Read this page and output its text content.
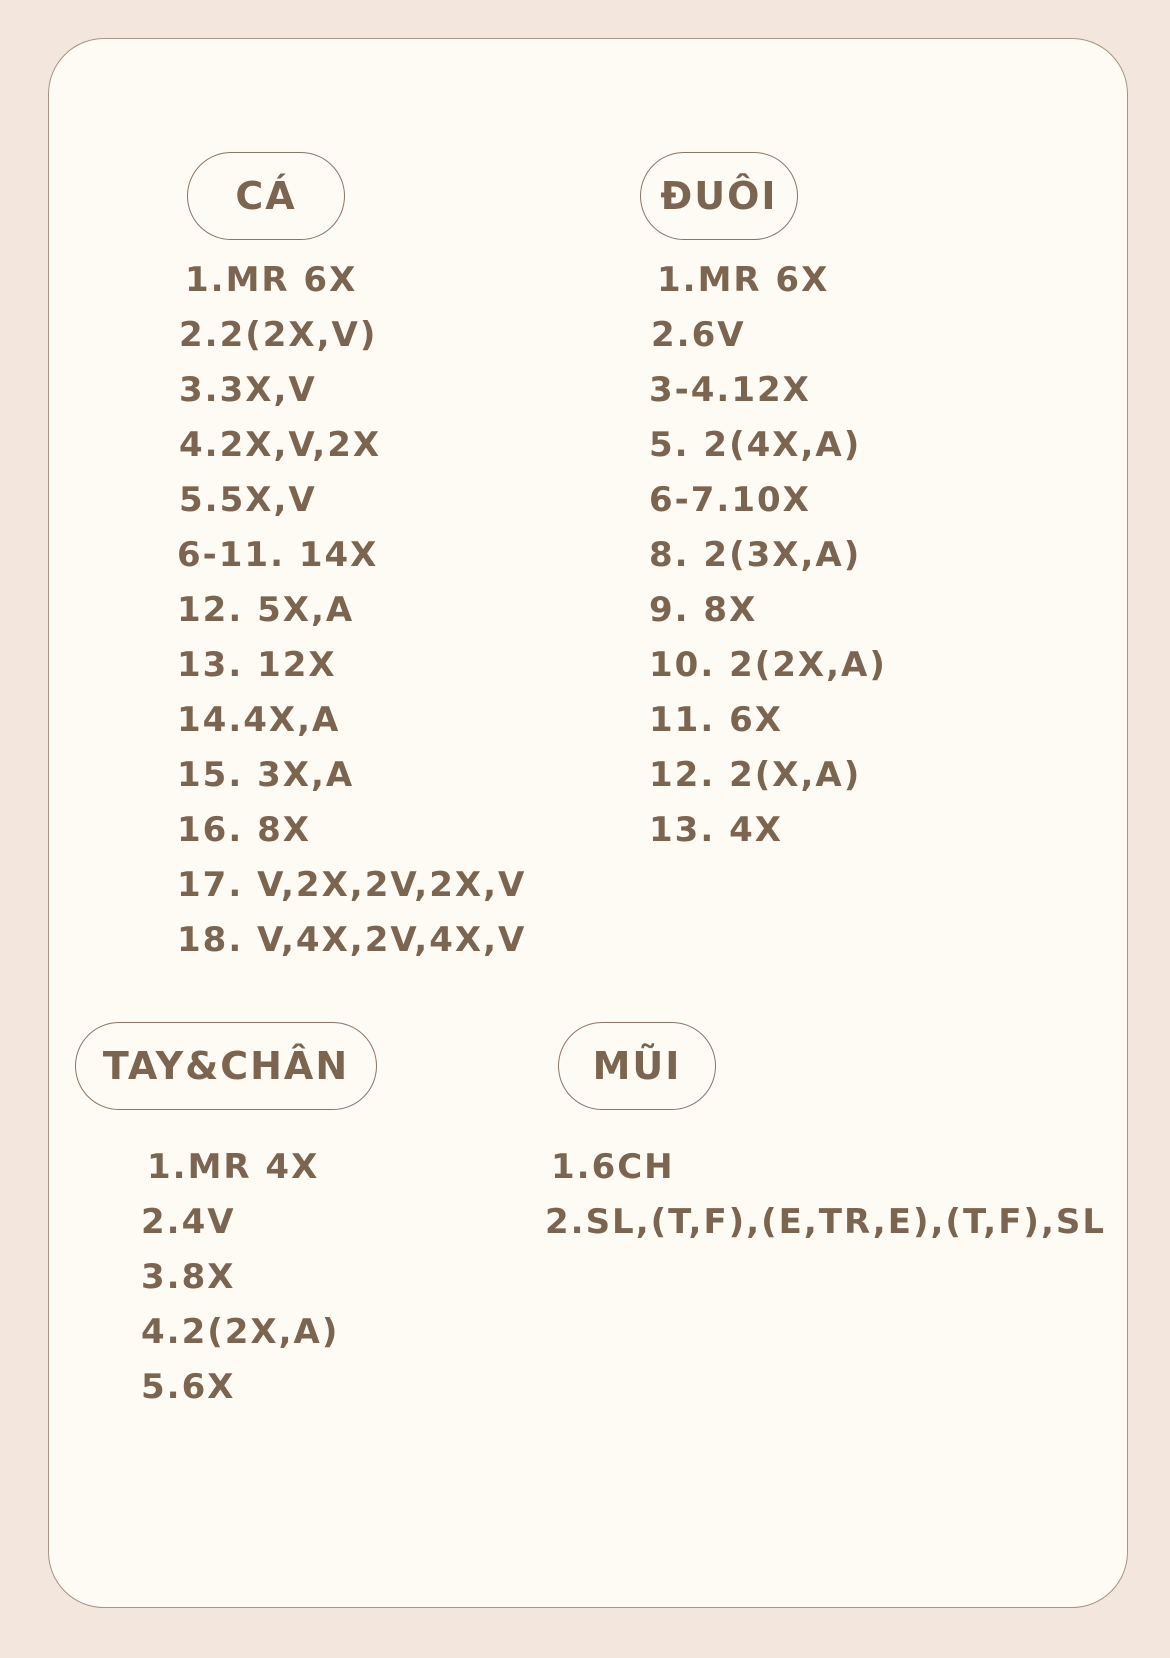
CÁ
1.MR 6X
2.2(2X,V)
3.3X,V
4.2X,V,2X
5.5X,V
6-11. 14X
12. 5X,A
13. 12X
14.4X,A
15. 3X,A
16. 8X
17. V,2X,2V,2X,V
18. V,4X,2V,4X,V
ĐUÔI
1.MR 6X
2.6V
3-4.12X
5. 2(4X,A)
6-7.10X
8. 2(3X,A)
9. 8X
10. 2(2X,A)
11. 6X
12. 2(X,A)
13. 4X
TAY&CHÂN
1.MR 4X
2.4V
3.8X
4.2(2X,A)
5.6X
MŨI
1.6CH
2.SL,(T,F),(E,TR,E),(T,F),SL
